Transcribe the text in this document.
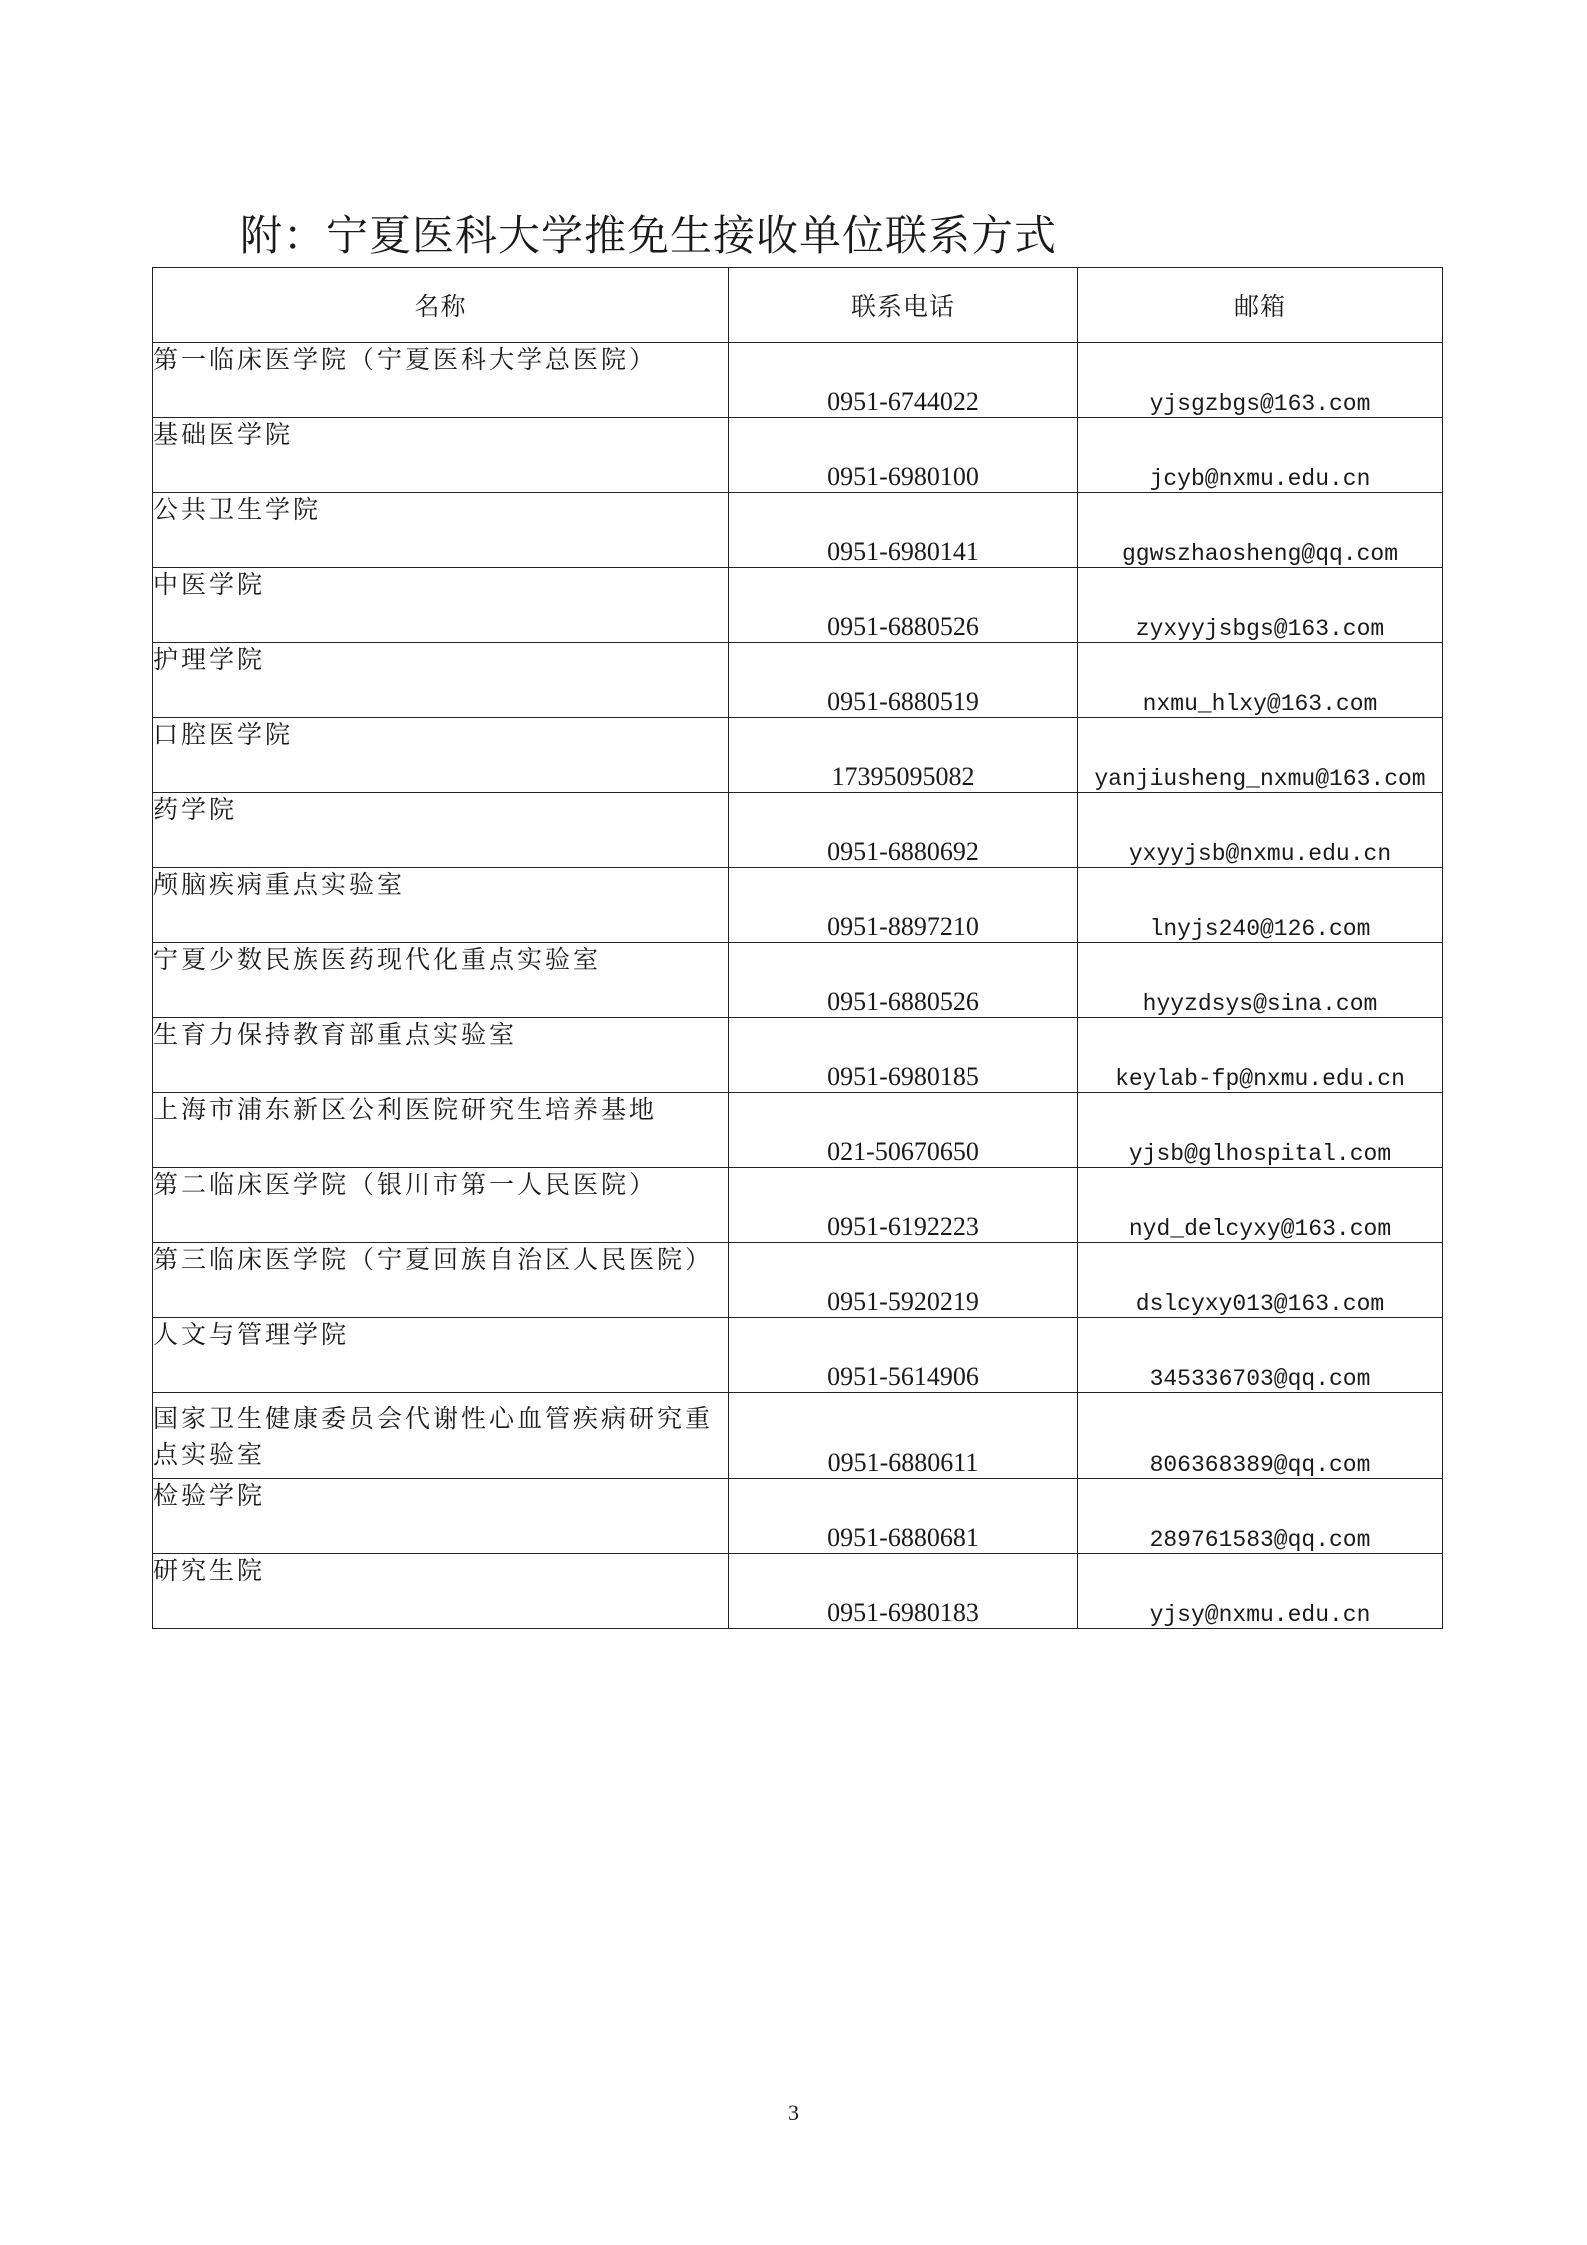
附：宁夏医科大学推免生接收单位联系方式
名称	联系电话	邮箱
第一临床医学院（宁夏医科大学总医院）	0951-6744022	yjsgzbgs@163.com
基础医学院	0951-6980100	jcyb@nxmu.edu.cn
公共卫生学院	0951-6980141	ggwszhaosheng@qq.com
中医学院	0951-6880526	zyxyyjsbgs@163.com
护理学院	0951-6880519	nxmu_hlxy@163.com
口腔医学院	17395095082	yanjiusheng_nxmu@163.com
药学院	0951-6880692	yxyyjsb@nxmu.edu.cn
颅脑疾病重点实验室	0951-8897210	lnyjs240@126.com
宁夏少数民族医药现代化重点实验室	0951-6880526	hyyzdsys@sina.com
生育力保持教育部重点实验室	0951-6980185	keylab-fp@nxmu.edu.cn
上海市浦东新区公利医院研究生培养基地	021-50670650	yjsb@glhospital.com
第二临床医学院（银川市第一人民医院）	0951-6192223	nyd_delcyxy@163.com
第三临床医学院（宁夏回族自治区人民医院）	0951-5920219	dslcyxy013@163.com
人文与管理学院	0951-5614906	345336703@qq.com
国家卫生健康委员会代谢性心血管疾病研究重点实验室	0951-6880611	806368389@qq.com
检验学院	0951-6880681	289761583@qq.com
研究生院	0951-6980183	yjsy@nxmu.edu.cn
3
